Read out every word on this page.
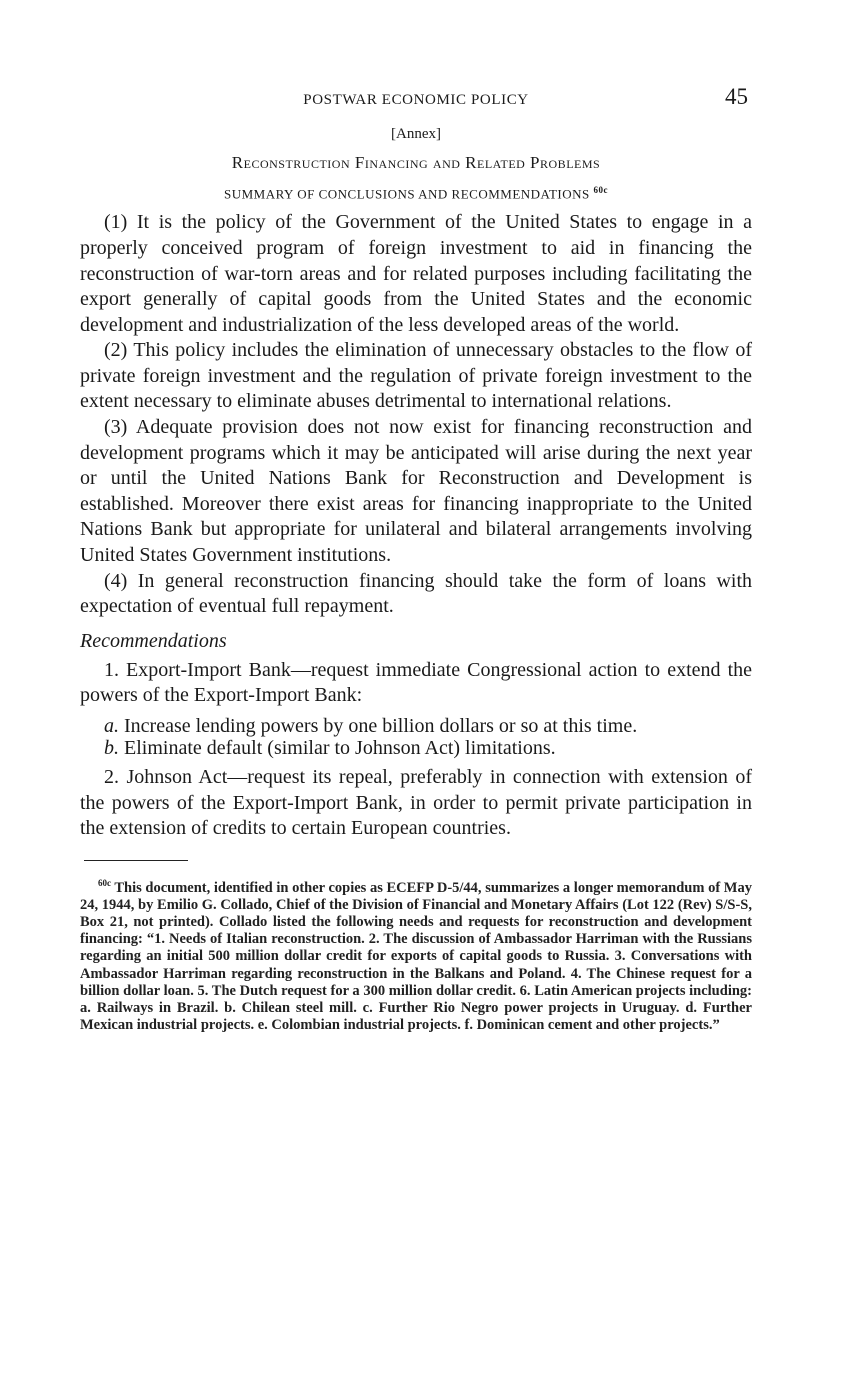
POSTWAR ECONOMIC POLICY	45
[Annex]
Reconstruction Financing and Related Problems
SUMMARY OF CONCLUSIONS AND RECOMMENDATIONS $^{60c}$

(1) It is the policy of the Government of the United States to engage in a properly conceived program of foreign investment to aid in financing the reconstruction of war-torn areas and for related purposes including facilitating the export generally of capital goods from the United States and the economic development and industrialization of the less developed areas of the world.

(2) This policy includes the elimination of unnecessary obstacles to the flow of private foreign investment and the regulation of private foreign investment to the extent necessary to eliminate abuses detrimental to international relations.

(3) Adequate provision does not now exist for financing reconstruction and development programs which it may be anticipated will arise during the next year or until the United Nations Bank for Reconstruction and Development is established. Moreover there exist areas for financing inappropriate to the United Nations Bank but appropriate for unilateral and bilateral arrangements involving United States Government institutions.

(4) In general reconstruction financing should take the form of loans with expectation of eventual full repayment.

Recommendations

1. Export-Import Bank—request immediate Congressional action to extend the powers of the Export-Import Bank:

a. Increase lending powers by one billion dollars or so at this time.
b. Eliminate default (similar to Johnson Act) limitations.

2. Johnson Act—request its repeal, preferably in connection with extension of the powers of the Export-Import Bank, in order to permit private participation in the extension of credits to certain European countries.

$^{60c}$ This document, identified in other copies as ECEFP D-5/44, summarizes a longer memorandum of May 24, 1944, by Emilio G. Collado, Chief of the Division of Financial and Monetary Affairs (Lot 122 (Rev) S/S-S, Box 21, not printed). Collado listed the following needs and requests for reconstruction and development financing: “1. Needs of Italian reconstruction. 2. The discussion of Ambassador Harriman with the Russians regarding an initial 500 million dollar credit for exports of capital goods to Russia. 3. Conversations with Ambassador Harriman regarding reconstruction in the Balkans and Poland. 4. The Chinese request for a billion dollar loan. 5. The Dutch request for a 300 million dollar credit. 6. Latin American projects including: a. Railways in Brazil. b. Chilean steel mill. c. Further Rio Negro power projects in Uruguay. d. Further Mexican industrial projects. e. Colombian industrial projects. f. Dominican cement and other projects.”
